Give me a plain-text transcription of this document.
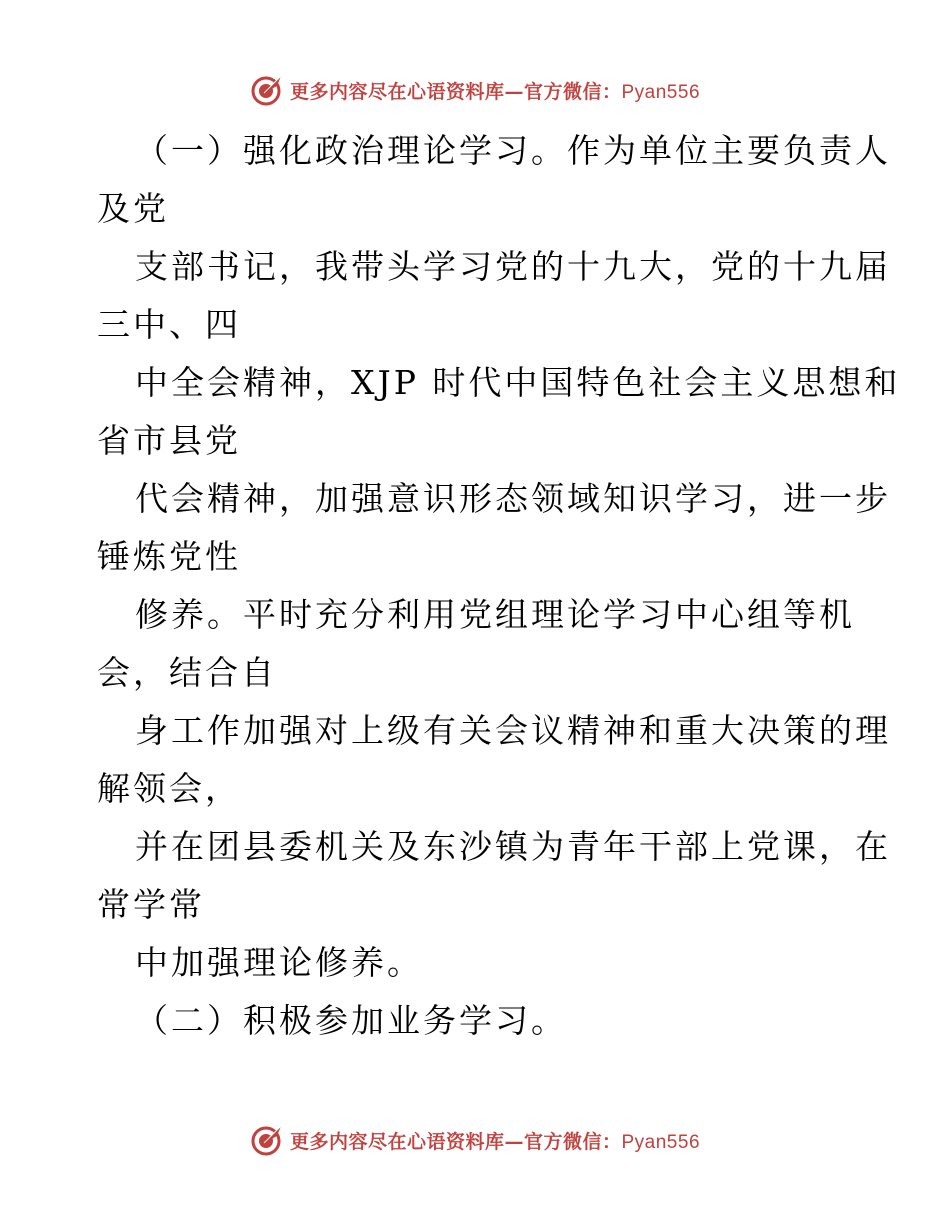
更多内容尽在心语资料库—官方微信：Pyan556
（一）强化政治理论学习。作为单位主要负责人
及党
支部书记，我带头学习党的十九大，党的十九届
三中、四
中全会精神，XJP 时代中国特色社会主义思想和
省市县党
代会精神，加强意识形态领域知识学习，进一步
锤炼党性
修养。平时充分利用党组理论学习中心组等机
会，结合自
身工作加强对上级有关会议精神和重大决策的理
解领会，
并在团县委机关及东沙镇为青年干部上党课，在
常学常
中加强理论修养。
（二）积极参加业务学习。
更多内容尽在心语资料库—官方微信：Pyan556
